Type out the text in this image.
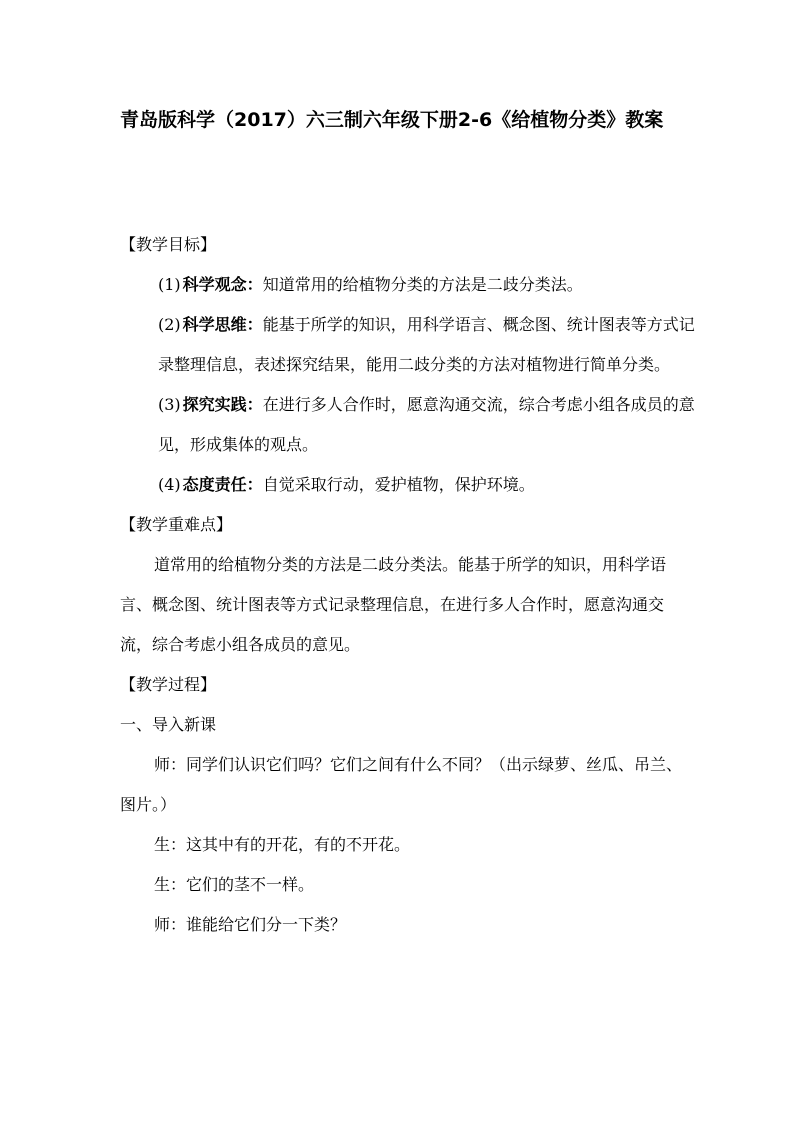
青岛版科学（2017）六三制六年级下册2-6《给植物分类》教案

【教学目标】

(1) 科学观念：知道常用的给植物分类的方法是二歧分类法。

(2) 科学思维：能基于所学的知识，用科学语言、概念图、统计图表等方式记录整理信息，表述探究结果，能用二歧分类的方法对植物进行简单分类。

(3) 探究实践：在进行多人合作时，愿意沟通交流，综合考虑小组各成员的意见，形成集体的观点。

(4) 态度责任：自觉采取行动，爱护植物，保护环境。

【教学重难点】

道常用的给植物分类的方法是二歧分类法。能基于所学的知识，用科学语言、概念图、统计图表等方式记录整理信息，在进行多人合作时，愿意沟通交流，综合考虑小组各成员的意见。

【教学过程】

一、导入新课

师：同学们认识它们吗？它们之间有什么不同？（出示绿萝、丝瓜、吊兰、图片。）

生：这其中有的开花，有的不开花。

生：它们的茎不一样。

师：谁能给它们分一下类？
